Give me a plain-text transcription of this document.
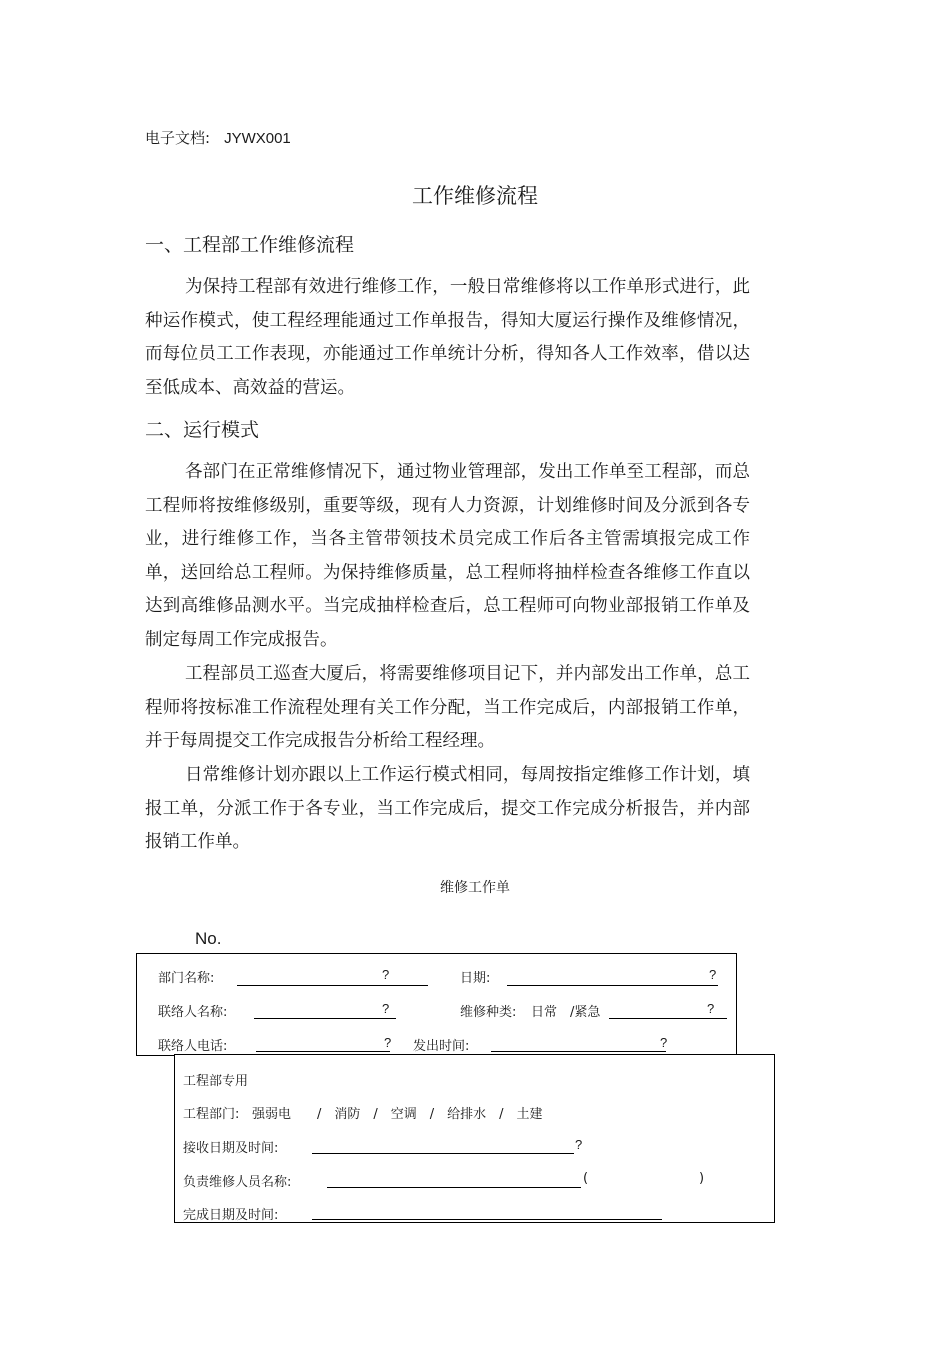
电子文档: JYWX001
工作维修流程
一、工程部工作维修流程

为保持工程部有效进行维修工作，一般日常维修将以工作单形式进行，此种运作模式，使工程经理能通过工作单报告，得知大厦运行操作及维修情况，而每位员工工作表现，亦能通过工作单统计分析，得知各人工作效率，借以达至低成本、高效益的营运。

二、运行模式

各部门在正常维修情况下，通过物业管理部，发出工作单至工程部，而总工程师将按维修级别，重要等级，现有人力资源，计划维修时间及分派到各专业，进行维修工作，当各主管带领技术员完成工作后各主管需填报完成工作单，送回给总工程师。为保持维修质量，总工程师将抽样检查各维修工作直以达到高维修品测水平。当完成抽样检查后，总工程师可向物业部报销工作单及制定每周工作完成报告。

工程部员工巡查大厦后，将需要维修项目记下，并内部发出工作单，总工程师将按标准工作流程处理有关工作分配，当工作完成后，内部报销工作单，并于每周提交工作完成报告分析给工程经理。

日常维修计划亦跟以上工作运行模式相同，每周按指定维修工作计划，填报工单，分派工作于各专业，当工作完成后，提交工作完成分析报告，并内部报销工作单。

维修工作单
No.
部门名称:	?	日期:	?
联络人名称:	?	维修种类: 日常　/紧急	?
联络人电话:	? 发出时间:	?
工程部专用
工程部门: 强弱电　　/　消防　/　空调　/　给排水　/　土建
接收日期及时间:	?
负责维修人员名称:	(	)
完成日期及时间:
